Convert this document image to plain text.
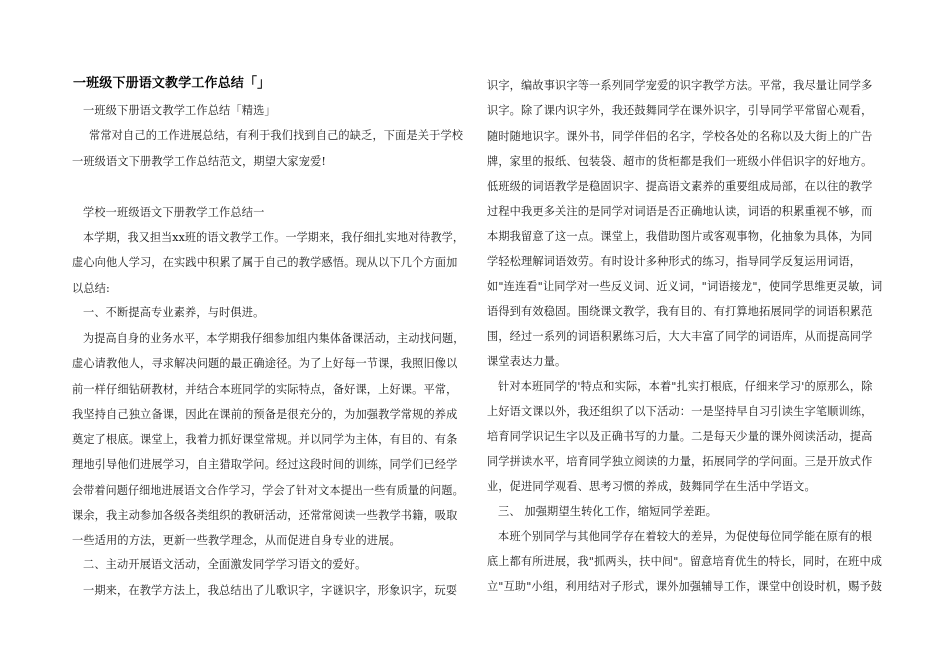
一班级下册语文教学工作总结「」
一班级下册语文教学工作总结「精选」
常常对自己的工作进展总结，有利于我们找到自己的缺乏，下面是关于学校
一班级语文下册教学工作总结范文，期望大家宠爱!
学校一班级语文下册教学工作总结一
本学期，我又担当xx班的语文教学工作。一学期来，我仔细扎实地对待教学，
虚心向他人学习，在实践中积累了属于自己的教学感悟。现从以下几个方面加
以总结:
一、不断提高专业素养，与时俱进。
为提高自身的业务水平，本学期我仔细参加组内集体备课活动，主动找问题，
虚心请教他人，寻求解决问题的最正确途径。为了上好每一节课，我照旧像以
前一样仔细钻研教材，并结合本班同学的实际特点，备好课，上好课。平常，
我坚持自己独立备课，因此在课前的预备是很充分的，为加强教学常规的养成
奠定了根底。课堂上，我着力抓好课堂常规。并以同学为主体，有目的、有条
理地引导他们进展学习，自主猎取学问。经过这段时间的训练，同学们已经学
会带着问题仔细地进展语文合作学习，学会了针对文本提出一些有质量的问题。
课余，我主动参加各级各类组织的教研活动，还常常阅读一些教学书籍，吸取
一些适用的方法，更新一些教学理念，从而促进自身专业的进展。
二、主动开展语文活动，全面激发同学学习语文的爱好。
一期来，在教学方法上，我总结出了儿歌识字，字谜识字，形象识字，玩耍
识字，编故事识字等一系列同学宠爱的识字教学方法。平常，我尽量让同学多
识字。除了课内识字外，我还鼓舞同学在课外识字，引导同学平常留心观看，
随时随地识字。课外书，同学伴侣的名字，学校各处的名称以及大街上的广告
牌，家里的报纸、包装袋、超市的货柜都是我们一班级小伴侣识字的好地方。
低班级的词语教学是稳固识字、提高语文素养的重要组成局部，在以往的教学
过程中我更多关注的是同学对词语是否正确地认读，词语的积累重视不够，而
本期我留意了这一点。课堂上，我借助图片或客观事物，化抽象为具体，为同
学轻松理解词语效劳。有时设计多种形式的练习，指导同学反复运用词语，
如"连连看"让同学对一些反义词、近义词，"词语接龙"，使同学思维更灵敏，词
语得到有效稳固。围绕课文教学，我有目的、有打算地拓展同学的词语积累范
围，经过一系列的词语积累练习后，大大丰富了同学的词语库，从而提高同学
课堂表达力量。
针对本班同学的'特点和实际，本着"扎实打根底，仔细来学习'的原那么，除
上好语文课以外，我还组织了以下活动：一是坚持早自习引读生字笔顺训练，
培育同学识记生字以及正确书写的力量。二是每天少量的课外阅读活动，提高
同学拼读水平，培育同学独立阅读的力量，拓展同学的学问面。三是开放式作
业，促进同学观看、思考习惯的养成，鼓舞同学在生活中学语文。
三、 加强期望生转化工作，缩短同学差距。
本班个别同学与其他同学存在着较大的差异，为促使每位同学能在原有的根
底上都有所进展，我"抓两头，扶中间"。留意培育优生的特长，同时，在班中成
立"互助"小组，利用结对子形式，课外加强辅导工作，课堂中创设时机，赐予鼓
